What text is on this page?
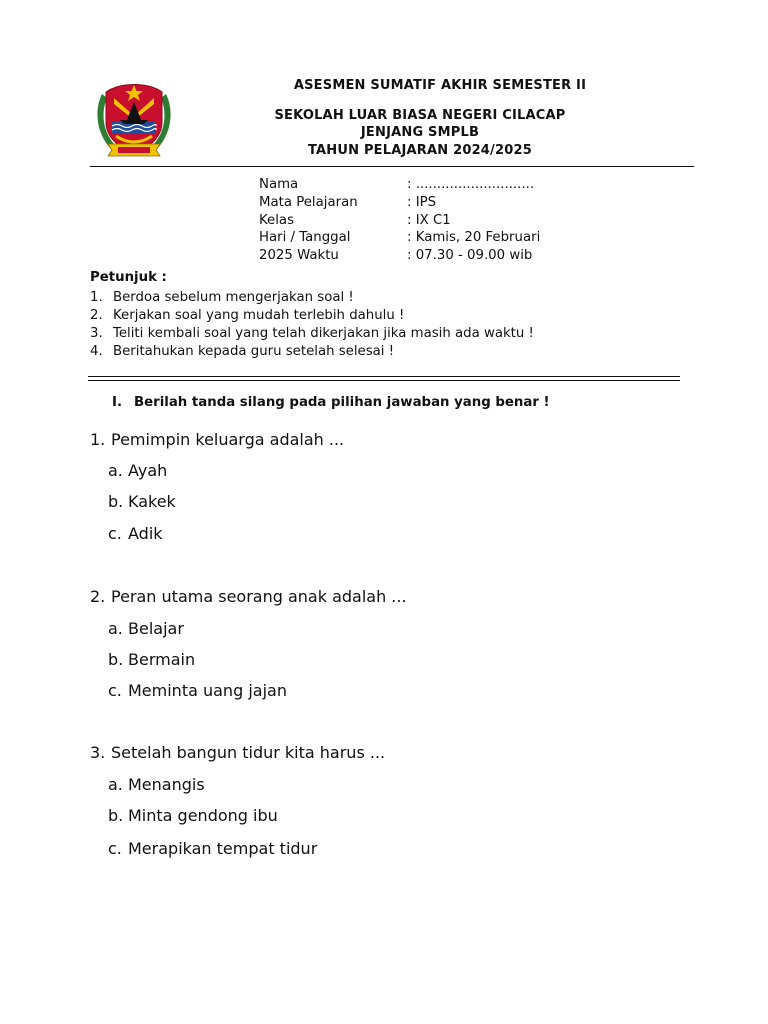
ASESMEN SUMATIF AKHIR SEMESTER II
SEKOLAH LUAR BIASA NEGERI CILACAP
JENJANG SMPLB
TAHUN PELAJARAN 2024/2025
Nama	: ............................
Mata Pelajaran	: IPS
Kelas	: IX C1
Hari / Tanggal	: Kamis, 20 Februari
2025 Waktu	: 07.30 - 09.00 wib
Petunjuk :
1. Berdoa sebelum mengerjakan soal !
2. Kerjakan soal yang mudah terlebih dahulu !
3. Teliti kembali soal yang telah dikerjakan jika masih ada waktu !
4. Beritahukan kepada guru setelah selesai !
I. Berilah tanda silang pada pilihan jawaban yang benar !
1. Pemimpin keluarga adalah ...
a. Ayah
b. Kakek
c. Adik
2. Peran utama seorang anak adalah ...
a. Belajar
b. Bermain
c. Meminta uang jajan
3. Setelah bangun tidur kita harus ...
a. Menangis
b. Minta gendong ibu
c. Merapikan tempat tidur
